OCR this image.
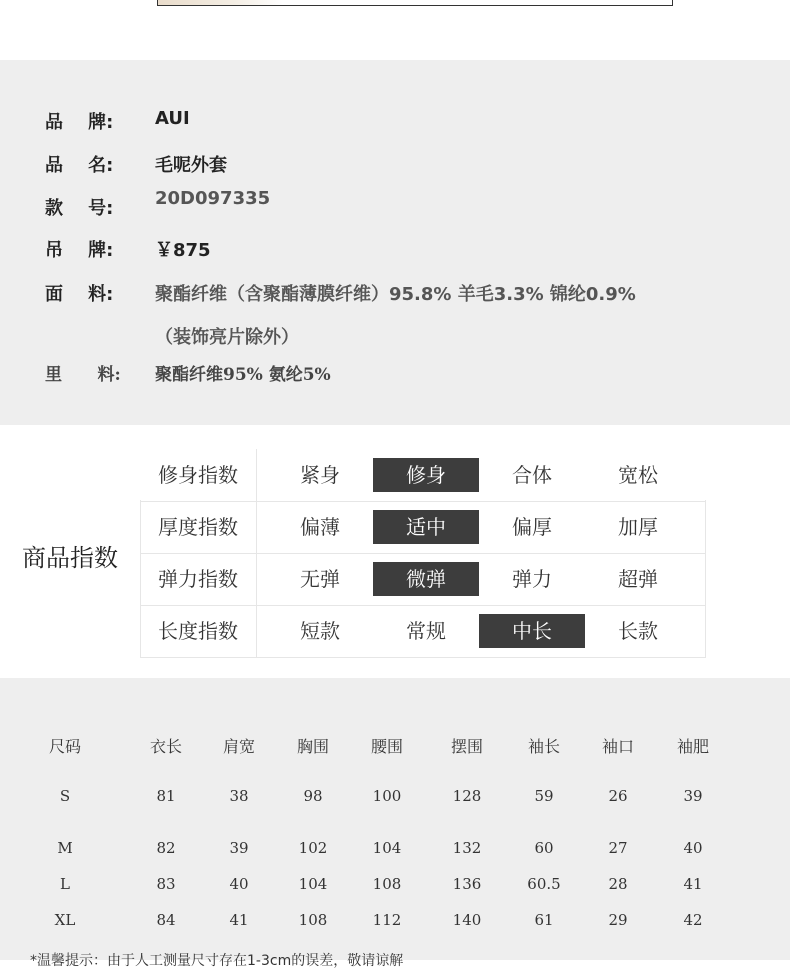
品    牌:	AUI
品    名:	毛呢外套
款    号:	20D097335
吊    牌:	￥875
面    料:	聚酯纤维（含聚酯薄膜纤维）95.8% 羊毛3.3% 锦纶0.9%
（装饰亮片除外）
里      料:	聚酯纤维95% 氨纶5%
商品指数
修身指数	紧身	修身	合体	宽松
厚度指数	偏薄	适中	偏厚	加厚
弹力指数	无弹	微弹	弹力	超弹
长度指数	短款	常规	中长	长款
尺码	衣长	肩宽	胸围	腰围	摆围	袖长	袖口	袖肥
S	81	38	98	100	128	59	26	39
M	82	39	102	104	132	60	27	40
L	83	40	104	108	136	60.5	28	41
XL	84	41	108	112	140	61	29	42
*温馨提示：由于人工测量尺寸存在1-3cm的误差，敬请谅解
